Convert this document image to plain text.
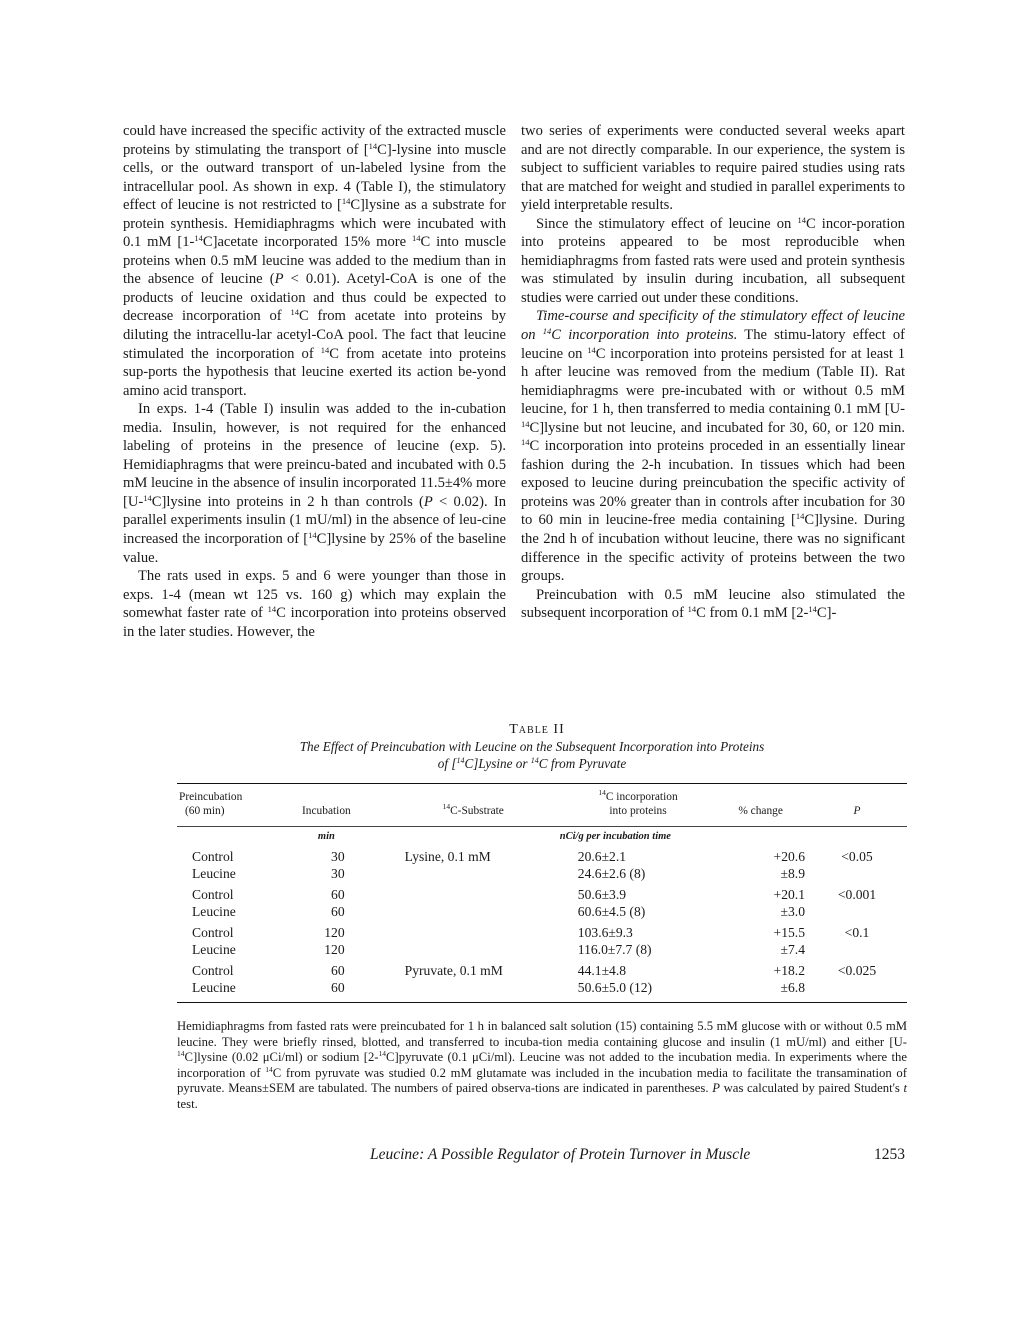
could have increased the specific activity of the extracted muscle proteins by stimulating the transport of [$^{14}$C]-lysine into muscle cells, or the outward transport of un-labeled lysine from the intracellular pool. As shown in exp. 4 (Table I), the stimulatory effect of leucine is not restricted to [$^{14}$C]lysine as a substrate for protein synthesis. Hemidiaphragms which were incubated with 0.1 mM [1-$^{14}$C]acetate incorporated 15% more $^{14}$C into muscle proteins when 0.5 mM leucine was added to the medium than in the absence of leucine (P < 0.01). Acetyl-CoA is one of the products of leucine oxidation and thus could be expected to decrease incorporation of $^{14}$C from acetate into proteins by diluting the intracellu-lar acetyl-CoA pool. The fact that leucine stimulated the incorporation of $^{14}$C from acetate into proteins sup-ports the hypothesis that leucine exerted its action be-yond amino acid transport.

In exps. 1-4 (Table I) insulin was added to the in-cubation media. Insulin, however, is not required for the enhanced labeling of proteins in the presence of leucine (exp. 5). Hemidiaphragms that were preincu-bated and incubated with 0.5 mM leucine in the absence of insulin incorporated 11.5±4% more [U-$^{14}$C]lysine into proteins in 2 h than controls (P < 0.02). In parallel experiments insulin (1 mU/ml) in the absence of leu-cine increased the incorporation of [$^{14}$C]lysine by 25% of the baseline value.

The rats used in exps. 5 and 6 were younger than those in exps. 1-4 (mean wt 125 vs. 160 g) which may explain the somewhat faster rate of $^{14}$C incorporation into proteins observed in the later studies. However, the

two series of experiments were conducted several weeks apart and are not directly comparable. In our experience, the system is subject to sufficient variables to require paired studies using rats that are matched for weight and studied in parallel experiments to yield interpretable results.

Since the stimulatory effect of leucine on $^{14}$C incor-poration into proteins appeared to be most reproducible when hemidiaphragms from fasted rats were used and protein synthesis was stimulated by insulin during incubation, all subsequent studies were carried out under these conditions.

Time-course and specificity of the stimulatory effect of leucine on $^{14}$C incorporation into proteins. The stimu-latory effect of leucine on $^{14}$C incorporation into proteins persisted for at least 1 h after leucine was removed from the medium (Table II). Rat hemidiaphragms were pre-incubated with or without 0.5 mM leucine, for 1 h, then transferred to media containing 0.1 mM [U-$^{14}$C]lysine but not leucine, and incubated for 30, 60, or 120 min. $^{14}$C incorporation into proteins proceded in an essentially linear fashion during the 2-h incubation. In tissues which had been exposed to leucine during preincubation the specific activity of proteins was 20% greater than in controls after incubation for 30 to 60 min in leucine-free media containing [$^{14}$C]lysine. During the 2nd h of incubation without leucine, there was no significant difference in the specific activity of proteins between the two groups.

Preincubation with 0.5 mM leucine also stimulated the subsequent incorporation of $^{14}$C from 0.1 mM [2-$^{14}$C]-

Table II
The Effect of Preincubation with Leucine on the Subsequent Incorporation into Proteins
of [$^{14}$C]Lysine or $^{14}$C from Pyruvate
Preincubation
(60 min)	Incubation	$^{14}$C-Substrate	$^{14}$C incorporation
into proteins	% change	P
	min		nCi/g per incubation time		
Control	30	Lysine, 0.1 mM	20.6±2.1	+20.6	<0.05
Leucine	30		24.6±2.6 (8)	±8.9	
Control	60		50.6±3.9	+20.1	<0.001
Leucine	60		60.6±4.5 (8)	±3.0	
Control	120		103.6±9.3	+15.5	<0.1
Leucine	120		116.0±7.7 (8)	±7.4	
Control	60	Pyruvate, 0.1 mM	44.1±4.8	+18.2	<0.025
Leucine	60		50.6±5.0 (12)	±6.8	
Hemidiaphragms from fasted rats were preincubated for 1 h in balanced salt solution (15) containing 5.5 mM glucose with or without 0.5 mM leucine. They were briefly rinsed, blotted, and transferred to incuba-tion media containing glucose and insulin (1 mU/ml) and either [U-$^{14}$C]lysine (0.02 μCi/ml) or sodium [2-$^{14}$C]pyruvate (0.1 μCi/ml). Leucine was not added to the incubation media. In experiments where the incorporation of $^{14}$C from pyruvate was studied 0.2 mM glutamate was included in the incubation media to facilitate the transamination of pyruvate. Means±SEM are tabulated. The numbers of paired observa-tions are indicated in parentheses. P was calculated by paired Student's t test.
Leucine: A Possible Regulator of Protein Turnover in Muscle	1253
